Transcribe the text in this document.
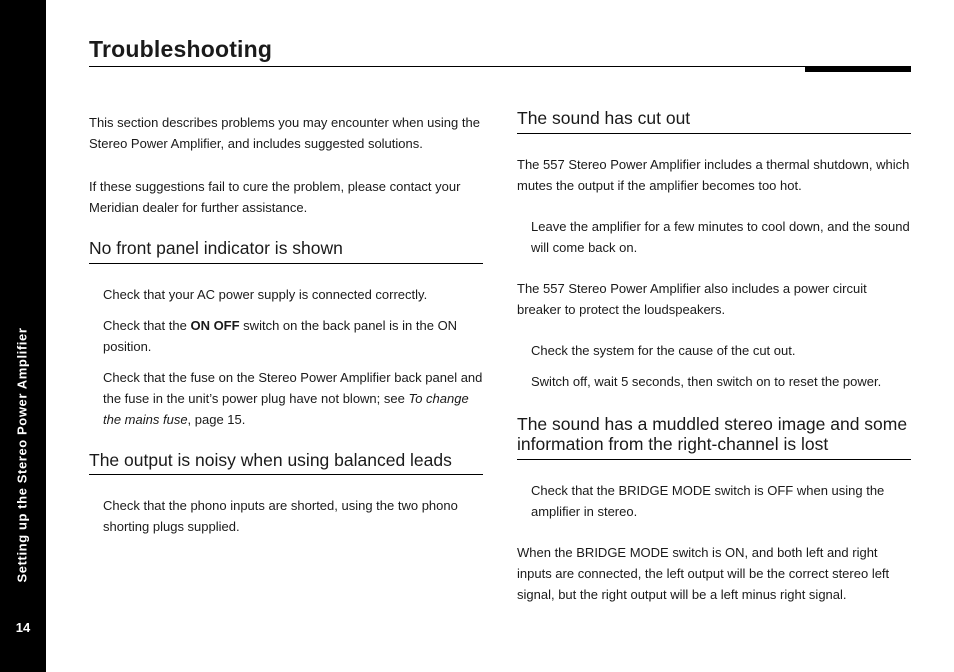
Setting up the Stereo Power Amplifier
14
Troubleshooting

This section describes problems you may encounter when using the Stereo Power Amplifier, and includes suggested solutions.

If these suggestions fail to cure the problem, please contact your Meridian dealer for further assistance.

No front panel indicator is shown

Check that your AC power supply is connected correctly.

Check that the ON OFF switch on the back panel is in the ON position.

Check that the fuse on the Stereo Power Amplifier back panel and the fuse in the unit’s power plug have not blown; see To change the mains fuse, page 15.

The output is noisy when using balanced leads

Check that the phono inputs are shorted, using the two phono shorting plugs supplied.

The sound has cut out

The 557 Stereo Power Amplifier includes a thermal shutdown, which mutes the output if the amplifier becomes too hot.

Leave the amplifier for a few minutes to cool down, and the sound will come back on.

The 557 Stereo Power Amplifier also includes a power circuit breaker to protect the loudspeakers.

Check the system for the cause of the cut out.

Switch off, wait 5 seconds, then switch on to reset the power.

The sound has a muddled stereo image and some information from the right-channel is lost

Check that the BRIDGE MODE switch is OFF when using the amplifier in stereo.

When the BRIDGE MODE switch is ON, and both left and right inputs are connected, the left output will be the correct stereo left signal, but the right output will be a left minus right signal.
